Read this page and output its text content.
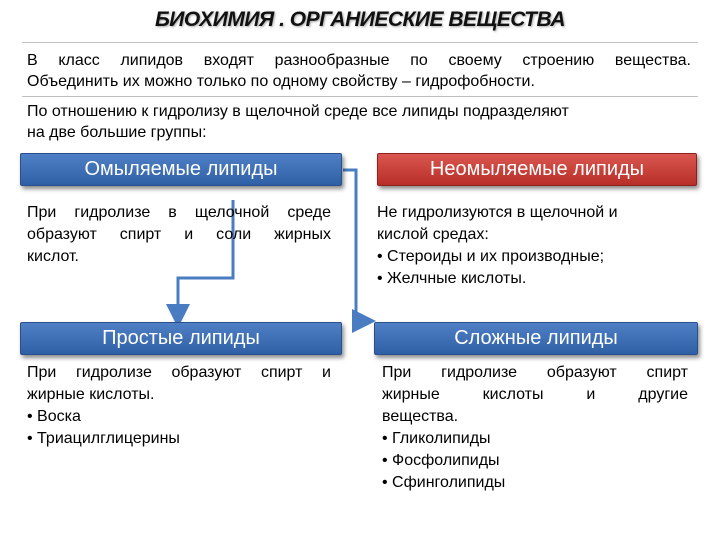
БИОХИМИЯ . ОРГАНИЕСКИЕ ВЕЩЕСТВА
В класс липидов входят разнообразные по своему строению вещества.
Объединить их можно только по одному свойству – гидрофобности.
По отношению к гидролизу в щелочной среде все липиды подразделяют
на две большие группы:
Омыляемые липиды	Неомыляемые липиды
При гидролизе в щелочной среде
образуют спирт и соли жирных
кислот.
Не гидролизуются в щелочной и
кислой средах:
• Стероиды и их производные;
• Желчные кислоты.
Простые липиды	Сложные липиды
При гидролизе образуют спирт и
жирные кислоты.
• Воска
• Триацилглицерины
При гидролизе образуют спирт
жирные кислоты и другие
вещества.
• Гликолипиды
• Фосфолипиды
• Сфинголипиды
